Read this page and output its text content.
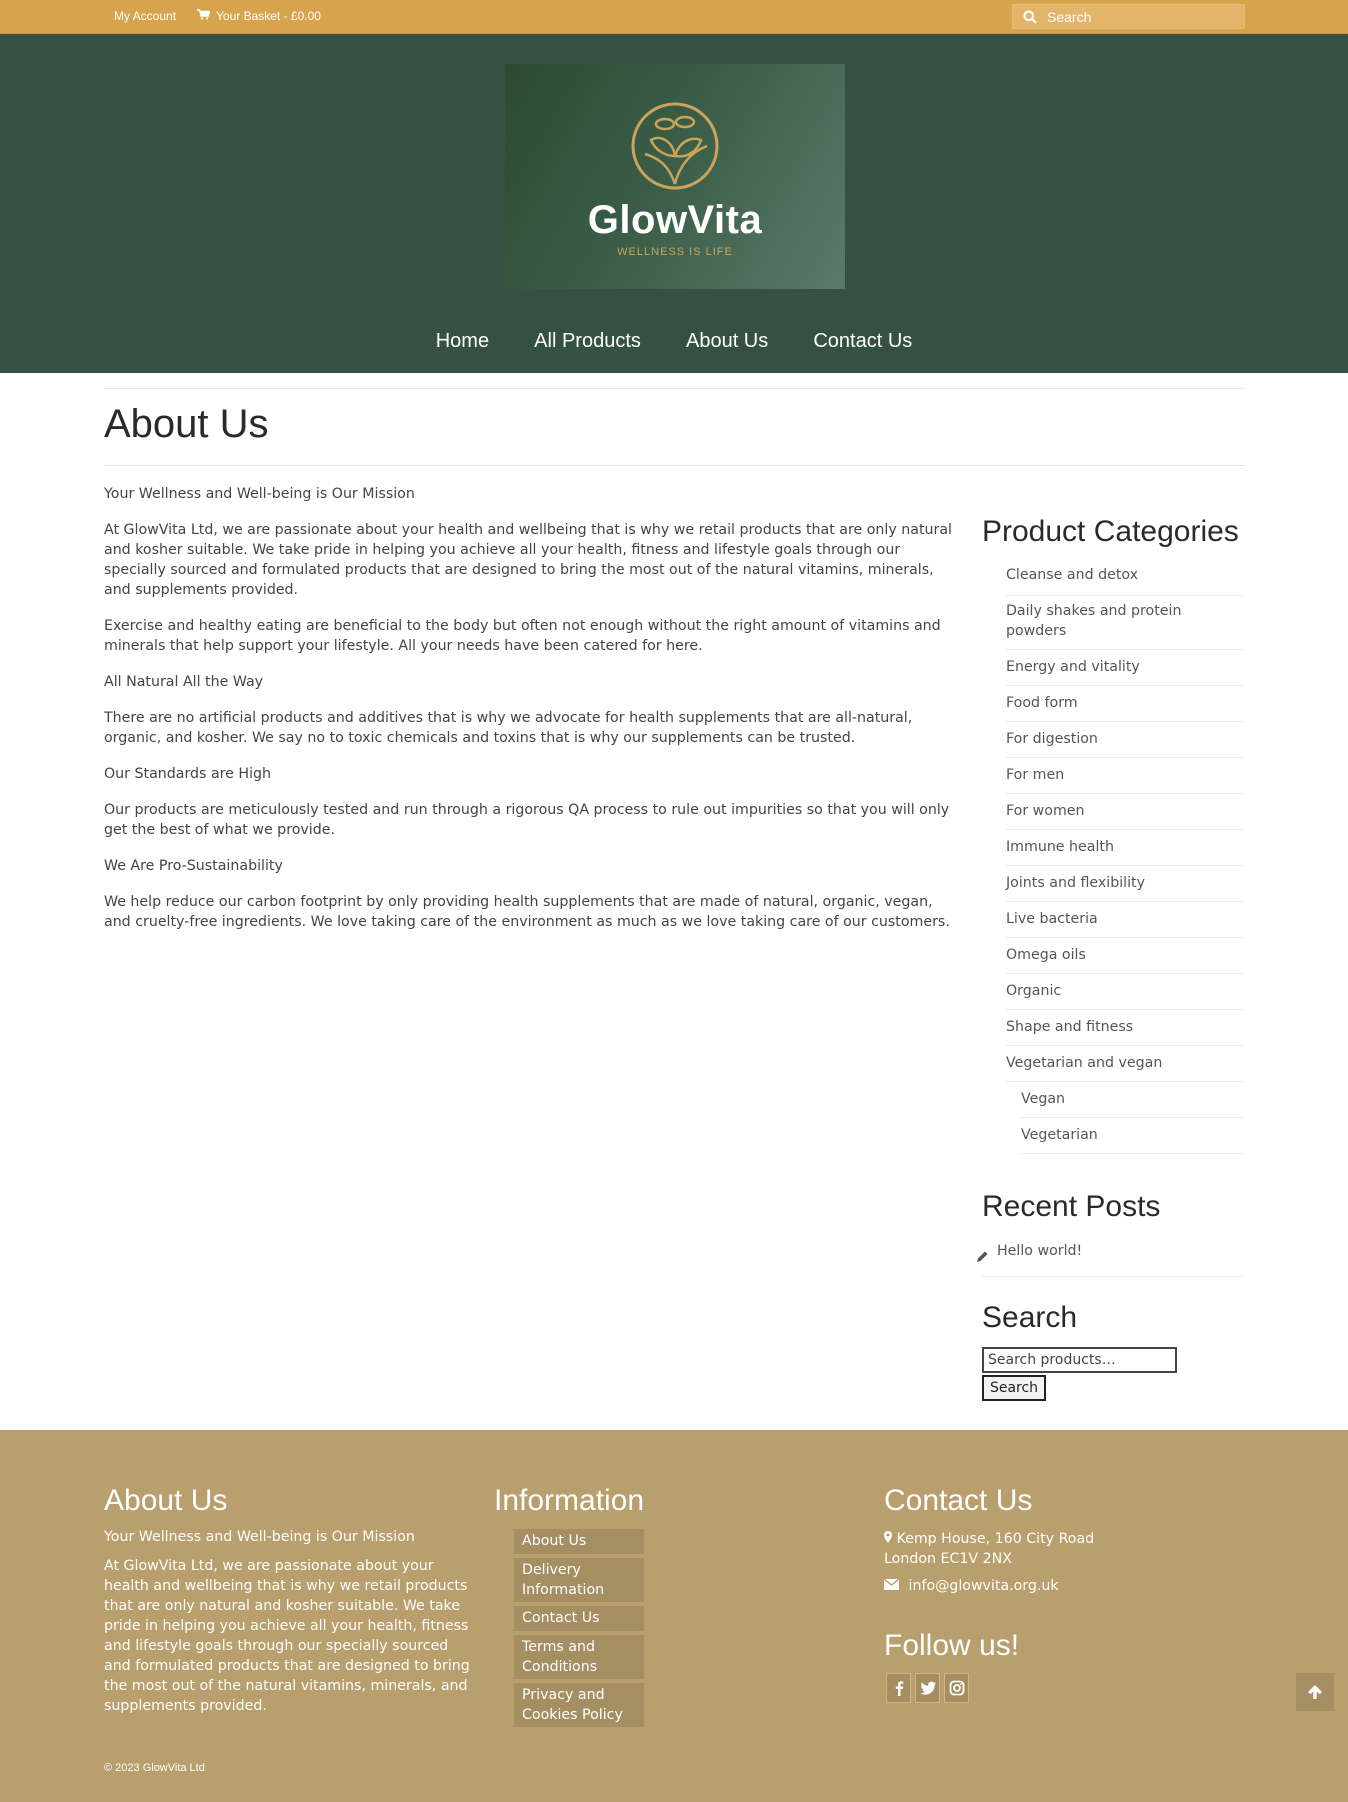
My Account	Your Basket - £0.00
Search
GlowVita
WELLNESS IS LIFE
Home All Products About Us Contact Us
About Us

Your Wellness and Well-being is Our Mission

At GlowVita Ltd, we are passionate about your health and wellbeing that is why we retail products that are only natural and kosher suitable. We take pride in helping you achieve all your health, fitness and lifestyle goals through our specially sourced and formulated products that are designed to bring the most out of the natural vitamins, minerals, and supplements provided.

Exercise and healthy eating are beneficial to the body but often not enough without the right amount of vitamins and minerals that help support your lifestyle. All your needs have been catered for here.

All Natural All the Way

There are no artificial products and additives that is why we advocate for health supplements that are all-natural, organic, and kosher. We say no to toxic chemicals and toxins that is why our supplements can be trusted.

Our Standards are High

Our products are meticulously tested and run through a rigorous QA process to rule out impurities so that you will only get the best of what we provide.

We Are Pro-Sustainability

We help reduce our carbon footprint by only providing health supplements that are made of natural, organic, vegan, and cruelty-free ingredients. We love taking care of the environment as much as we love taking care of our customers.

Product Categories
Cleanse and detox
Daily shakes and protein powders
Energy and vitality
Food form
For digestion
For men
For women
Immune health
Joints and flexibility
Live bacteria
Omega oils
Organic
Shape and fitness
Vegetarian and vegan
Vegan
Vegetarian
Recent Posts
Hello world!
Search
Search products…
Search
About Us
Your Wellness and Well-being is Our Mission
At GlowVita Ltd, we are passionate about your health and wellbeing that is why we retail products that are only natural and kosher suitable. We take pride in helping you achieve all your health, fitness and lifestyle goals through our specially sourced and formulated products that are designed to bring the most out of the natural vitamins, minerals, and supplements provided.
Information
About Us
Delivery Information
Contact Us
Terms and Conditions
Privacy and Cookies Policy
Contact Us
Kemp House, 160 City Road
London EC1V 2NX
info@glowvita.org.uk
Follow us!
© 2023 GlowVita Ltd
